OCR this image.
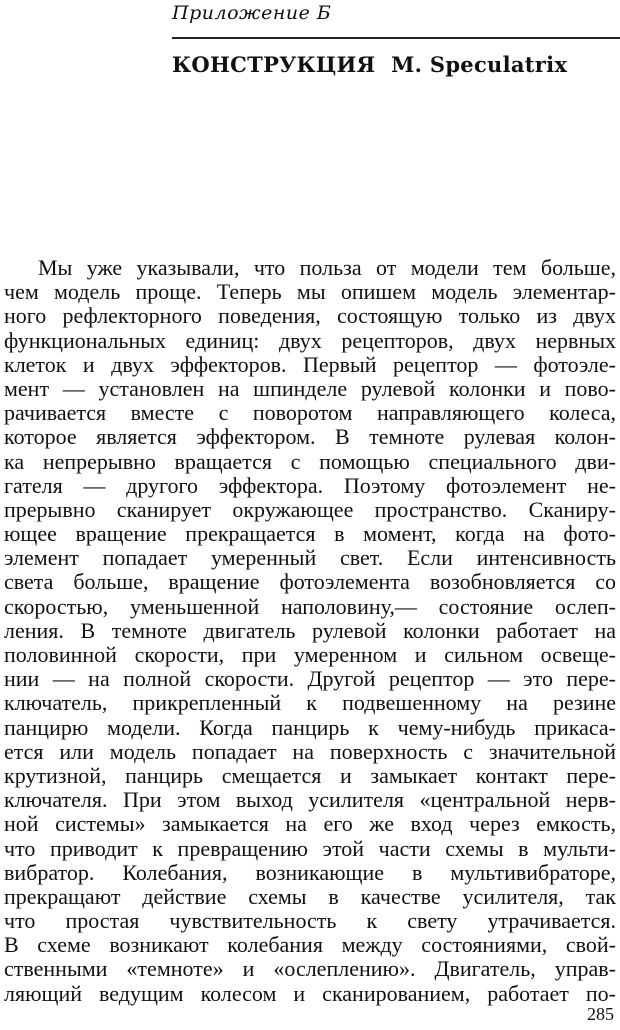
Приложение Б
КОНСТРУКЦИЯ M. Speculatrix
Мы уже указывали, что польза от модели тем больше,
чем модель проще. Теперь мы опишем модель элементар-
ного рефлекторного поведения, состоящую только из двух
функциональных единиц: двух рецепторов, двух нервных
клеток и двух эффекторов. Первый рецептор — фотоэле-
мент — установлен на шпинделе рулевой колонки и пово-
рачивается вместе с поворотом направляющего колеса,
которое является эффектором. В темноте рулевая колон-
ка непрерывно вращается с помощью специального дви-
гателя — другого эффектора. Поэтому фотоэлемент не-
прерывно сканирует окружающее пространство. Сканиру-
ющее вращение прекращается в момент, когда на фото-
элемент попадает умеренный свет. Если интенсивность
света больше, вращение фотоэлемента возобновляется со
скоростью, уменьшенной наполовину,— состояние ослеп-
ления. В темноте двигатель рулевой колонки работает на
половинной скорости, при умеренном и сильном освеще-
нии — на полной скорости. Другой рецептор — это пере-
ключатель, прикрепленный к подвешенному на резине
панцирю модели. Когда панцирь к чему-нибудь прикаса-
ется или модель попадает на поверхность с значительной
крутизной, панцирь смещается и замыкает контакт пере-
ключателя. При этом выход усилителя «центральной нерв-
ной системы» замыкается на его же вход через емкость,
что приводит к превращению этой части схемы в мульти-
вибратор. Колебания, возникающие в мультивибраторе,
прекращают действие схемы в качестве усилителя, так
что простая чувствительность к свету утрачивается.
В схеме возникают колебания между состояниями, свой-
ственными «темноте» и «ослеплению». Двигатель, управ-
ляющий ведущим колесом и сканированием, работает по-
285
